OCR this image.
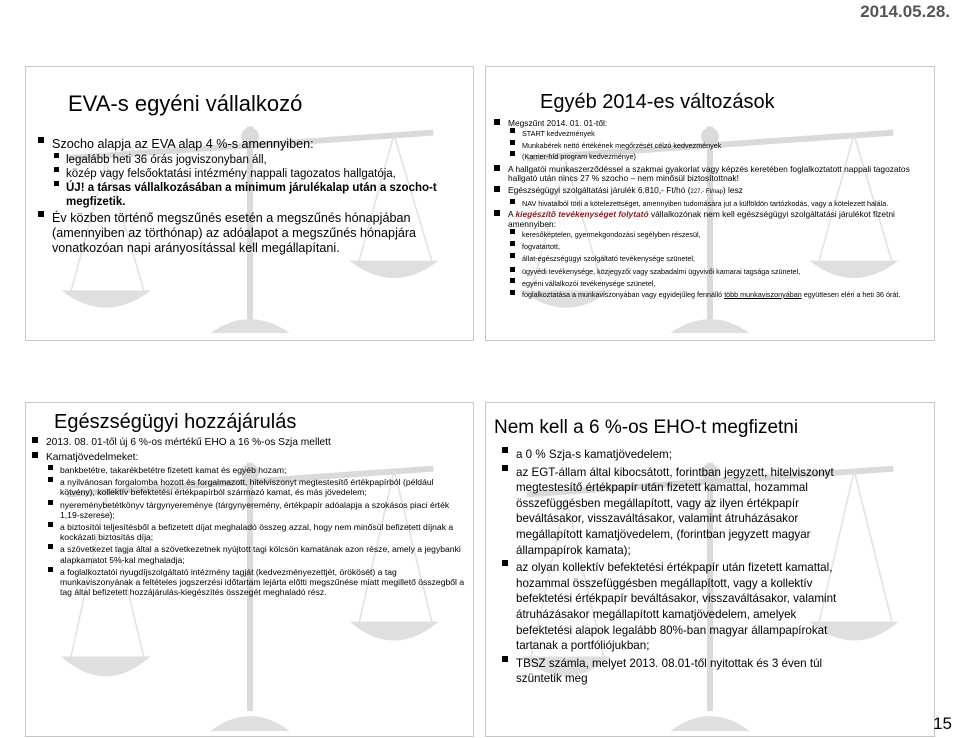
2014.05.28.
EVA-s egyéni vállalkozó
Szocho alapja az EVA alap 4 %-s amennyiben:
legalább heti 36 órás jogviszonyban áll,
közép vagy felsőoktatási intézmény nappali tagozatos hallgatója,
ÚJ! a társas vállalkozásában a minimum járulékalap után a szocho-t megfizetik.
Év közben történő megszűnés esetén a megszűnés hónapjában (amennyiben az törthónap) az adóalapot a megszűnés hónapjára vonatkozóan napi arányosítással kell megállapítani.
Egyéb 2014-es változások
Megszűnt 2014. 01. 01-től:
START kedvezmények
Munkabérek nettó értékének megőrzését célzó kedvezmények
(Karrier-híd program kedvezménye)
A hallgatói munkaszerződéssel a szakmai gyakorlat vagy képzés keretében foglalkoztatott nappali tagozatos hallgató után nincs 27 % szocho – nem minősül biztosítottnak!
Egészségügyi szolgáltatási járulék 6.810,- Ft/hó (227,- Ft/nap) lesz
NAV hivatalból törli a kötelezettséget, amennyiben tudomására jut a külföldön tartózkodás, vagy a kötelezett halála.
A kiegészítő tevékenységet folytató vállalkozónak nem kell egészségügyi szolgáltatási járulékot fizetni amennyiben:
keresőképtelen, gyermekgondozási segélyben részesül,
fogvatartott,
állat-egészségügyi szolgáltató tevékenysége szünetel,
ügyvédi tevékenysége, közjegyzői vagy szabadalmi ügyvivői kamarai tagsága szünetel,
egyéni vállalkozói tevékenysége szünetel,
foglalkoztatása a munkaviszonyában vagy egyidejűleg fennálló több munkaviszonyában együttesen eléri a heti 36 órát.
Egészségügyi hozzájárulás
2013. 08. 01-től új 6 %-os mértékű EHO a 16 %-os Szja mellett
Kamatjövedelmeket:
bankbetétre, takarékbetétre fizetett kamat és egyéb hozam;
a nyilvánosan forgalomba hozott és forgalmazott, hitelviszonyt megtestesítő értékpapírból (például kötvény), kollektív befektetési értékpapírból származó kamat, és más jövedelem;
nyereménybetétkönyv tárgynyereménye (tárgynyeremény, értékpapír adóalapja a szokásos piaci érték 1,19-szerese);
a biztosítói teljesítésből a befizetett díjat meghaladó összeg azzal, hogy nem minősül befizetett díjnak a kockázati biztosítás díja;
a szövetkezet tagja által a szövetkezetnek nyújtott tagi kölcsön kamatának azon része, amely a jegybanki alapkamatot 5%-kal meghaladja;
a foglalkoztatói nyugdíjszolgáltató intézmény tagját (kedvezményezettjét, örökösét) a tag munkaviszonyának a feltételes jogszerzési időtartam lejárta előtti megszűnése miatt megillető összegből a tag által befizetett hozzájárulás-kiegészítés összegét meghaladó rész.
Nem kell a 6 %-os EHO-t megfizetni
a 0 % Szja-s kamatjövedelem;
az EGT-állam által kibocsátott, forintban jegyzett, hitelviszonyt megtestesítő értékpapír után fizetett kamattal, hozammal összefüggésben megállapított, vagy az ilyen értékpapír beváltásakor, visszaváltásakor, valamint átruházásakor megállapított kamatjövedelem, (forintban jegyzett magyar állampapírok kamata);
az olyan kollektív befektetési értékpapír után fizetett kamattal, hozammal összefüggésben megállapított, vagy a kollektív befektetési értékpapír beváltásakor, visszaváltásakor, valamint átruházásakor megállapított kamatjövedelem, amelyek befektetési alapok legalább 80%-ban magyar állampapírokat tartanak a portfóliójukban;
TBSZ számla, melyet 2013. 08.01-től nyitottak és 3 éven túl szüntetik meg
15
